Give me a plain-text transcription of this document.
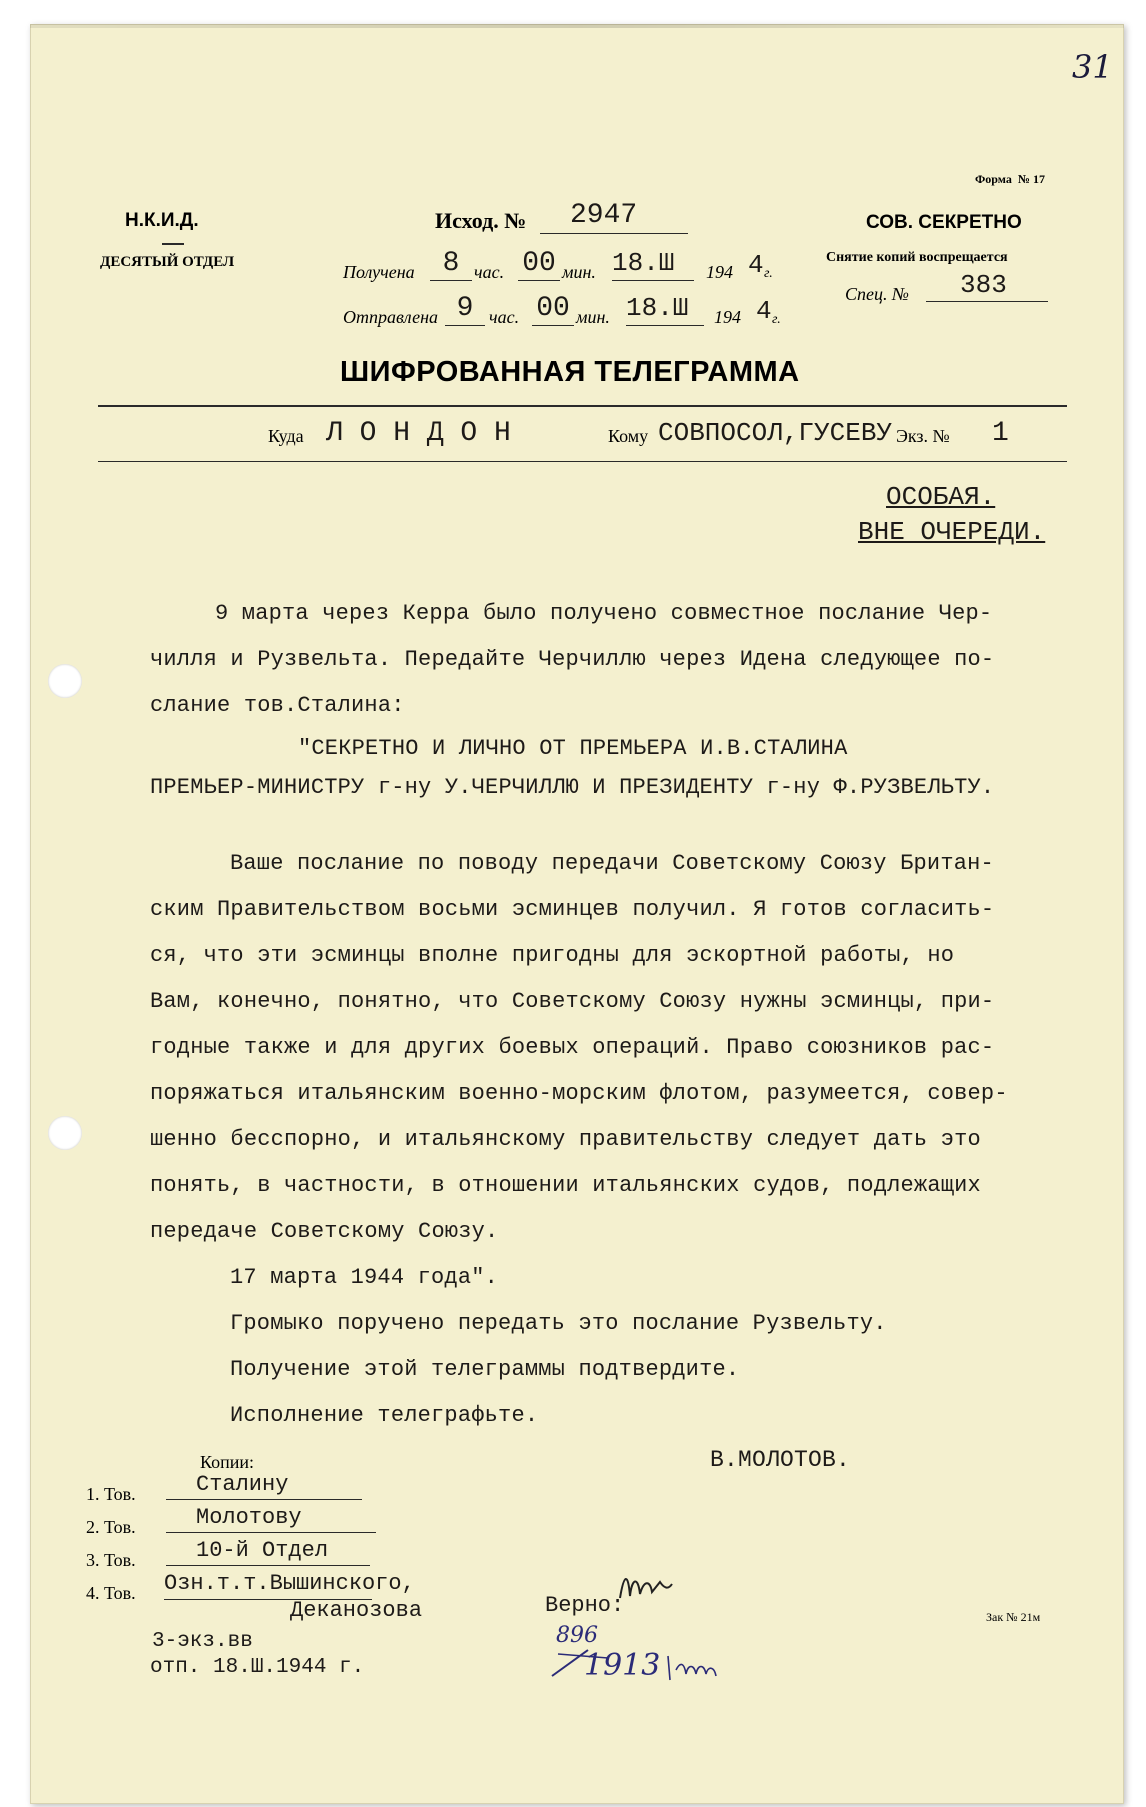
31
Форма № 17
Н.К.И.Д.
ДЕСЯТЫЙ ОТДЕЛ
Исход. №	2947
Получена 8 час. 00 мин. 18.Ш	194 4 г.
Отправлена 9 час. 00 мин. 18.Ш	194 4 г.
СОВ. СЕКРЕТНО
Снятие копий воспрещается
Спец. №	383
ШИФРОВАННАЯ ТЕЛЕГРАММА
Куда Л О Н Д О Н	Кому СОВПОСОЛ,ГУСЕВУ Экз. № 1
ОСОБАЯ.
ВНЕ ОЧЕРЕДИ.
9 марта через Керра было получено совместное послание Чер-
чилля и Рузвельта. Передайте Черчиллю через Идена следующее по-
слание тов.Сталина:
"СЕКРЕТНО И ЛИЧНО ОТ ПРЕМЬЕРА И.В.СТАЛИНА
ПРЕМЬЕР-МИНИСТРУ г-ну У.ЧЕРЧИЛЛЮ И ПРЕЗИДЕНТУ г-ну Ф.РУЗВЕЛЬТУ.
Ваше послание по поводу передачи Советскому Союзу Британ-
ским Правительством восьми эсминцев получил. Я готов согласить-
ся, что эти эсминцы вполне пригодны для эскортной работы, но
Вам, конечно, понятно, что Советскому Союзу нужны эсминцы, при-
годные также и для других боевых операций. Право союзников рас-
поряжаться итальянским военно-морским флотом, разумеется, совер-
шенно бесспорно, и итальянскому правительству следует дать это
понять, в частности, в отношении итальянских судов, подлежащих
передаче Советскому Союзу.
17 марта 1944 года".
Громыко поручено передать это послание Рузвельту.
Получение этой телеграммы подтвердите.
Исполнение телеграфьте.
В.МОЛОТОВ.
Копии:
1. Тов.	Сталину
2. Тов.	Молотову
3. Тов.	10-й Отдел
4. Тов. Озн.т.т.Вышинского,
Деканозова	Верно:
896
1913
Зак № 21м
3-экз.вв
отп. 18.Ш.1944 г.
